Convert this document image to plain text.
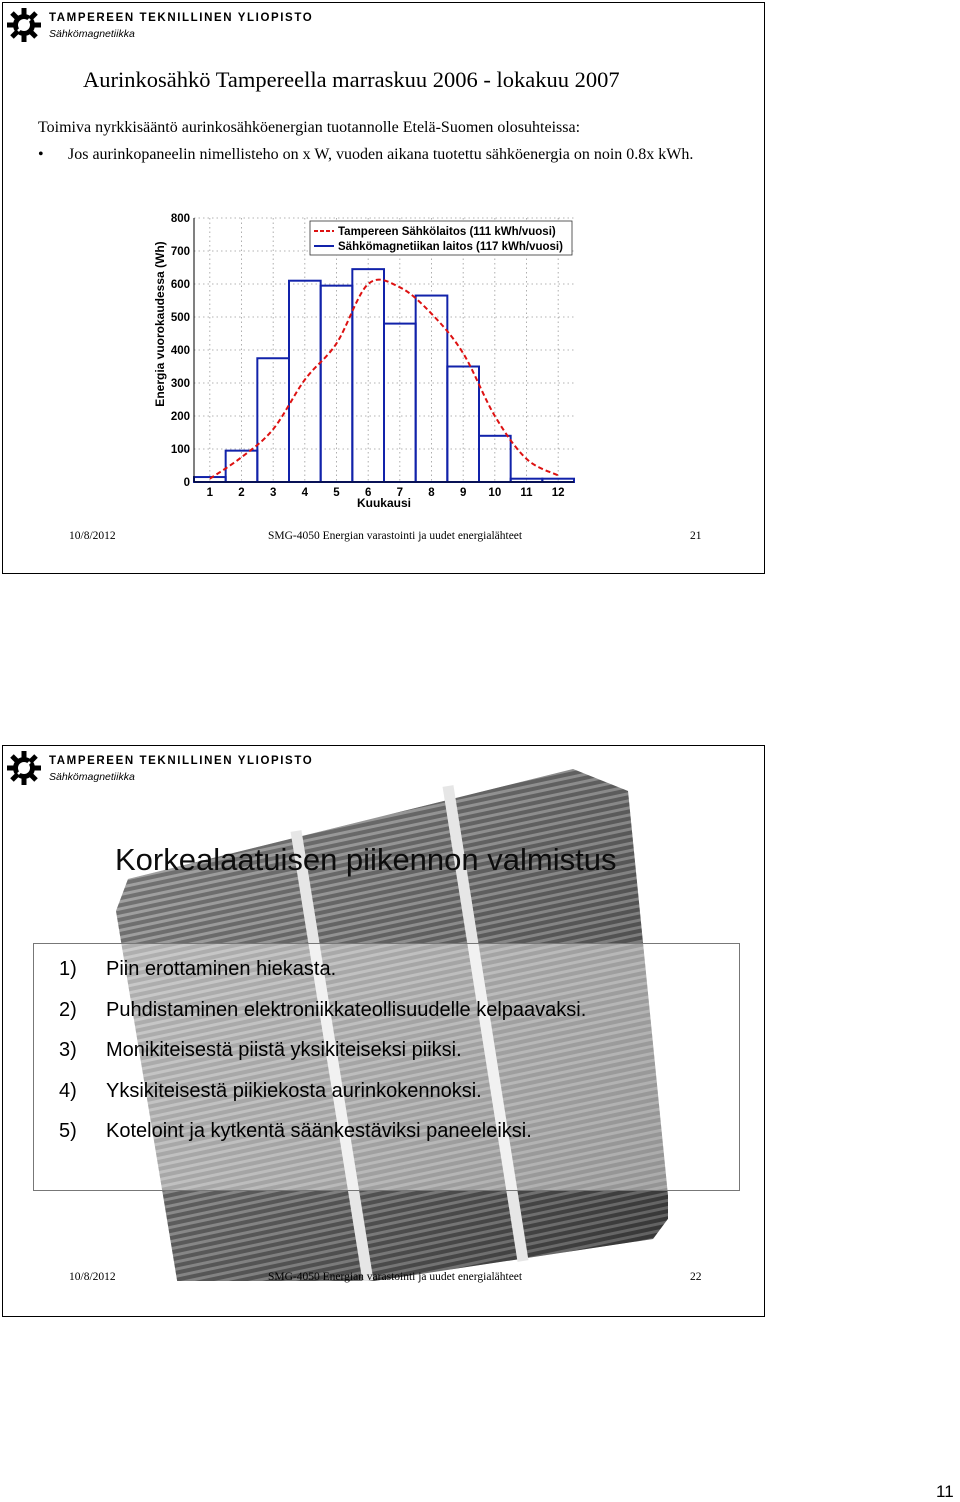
TAMPEREEN TEKNILLINEN YLIOPISTO
Sähkömagnetiikka
Aurinkosähkö Tampereella marraskuu 2006 - lokakuu 2007
Toimiva nyrkkisääntö aurinkosähköenergian tuotannolle Etelä-Suomen olosuhteissa:
• Jos aurinkopaneelin nimellisteho on x W, vuoden aikana tuotettu sähköenergia on noin 0.8x kWh.
0
100
200
300
400
500
600
700
800
1 2 3 4 5 6 7 8 9 10 11 12
Tampereen Sähkölaitos (111 kWh/vuosi)
Sähkömagnetiikan laitos (117 kWh/vuosi)
Energia vuorokaudessa (Wh)
Kuukausi
10/8/2012	SMG-4050 Energian varastointi ja uudet energialähteet	21
TAMPEREEN TEKNILLINEN YLIOPISTO
Sähkömagnetiikka
Korkealaatuisen piikennon valmistus
1) Piin erottaminen hiekasta.
2) Puhdistaminen elektroniikkateollisuudelle kelpaavaksi.
3) Monikiteisestä piistä yksikiteiseksi piiksi.
4) Yksikiteisestä piikiekosta aurinkokennoksi.
5) Koteloint ja kytkentä säänkestäviksi paneeleiksi.
10/8/2012	SMG-4050 Energian varastointi ja uudet energialähteet	22
11
